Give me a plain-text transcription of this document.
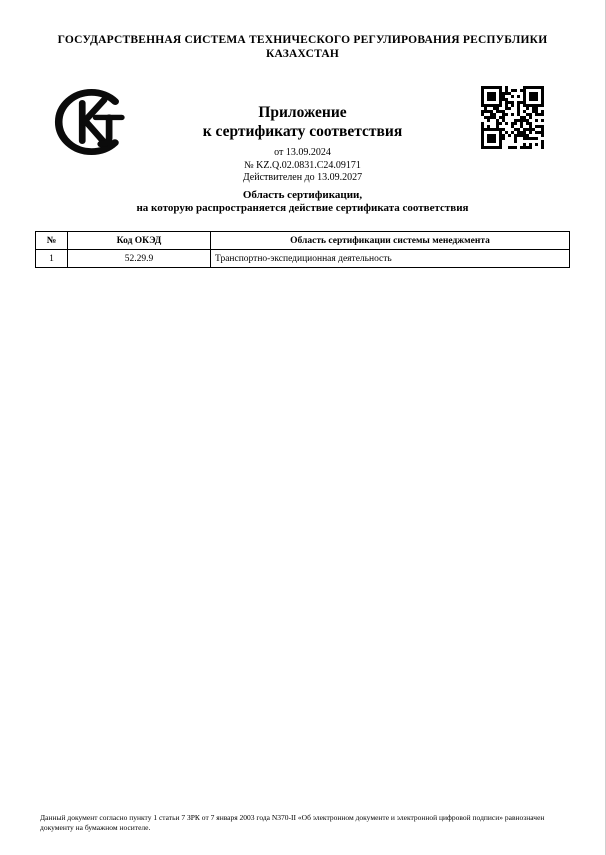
ГОСУДАРСТВЕННАЯ СИСТЕМА ТЕХНИЧЕСКОГО РЕГУЛИРОВАНИЯ РЕСПУБЛИКИ
КАЗАХСТАН
Приложение
к сертификату соответствия
от 13.09.2024
№ KZ.Q.02.0831.C24.09171
Действителен до 13.09.2027
Область сертификации,
на которую распространяется действие сертификата соответствия
№	Код ОКЭД	Область сертификации системы менеджмента
1	52.29.9	Транспортно-экспедиционная деятельность
Данный документ согласно пункту 1 статьи 7 ЗРК от 7 января 2003 года N370-II «Об электронном документе и электронной цифровой подписи» равнозначен документу на бумажном носителе.
